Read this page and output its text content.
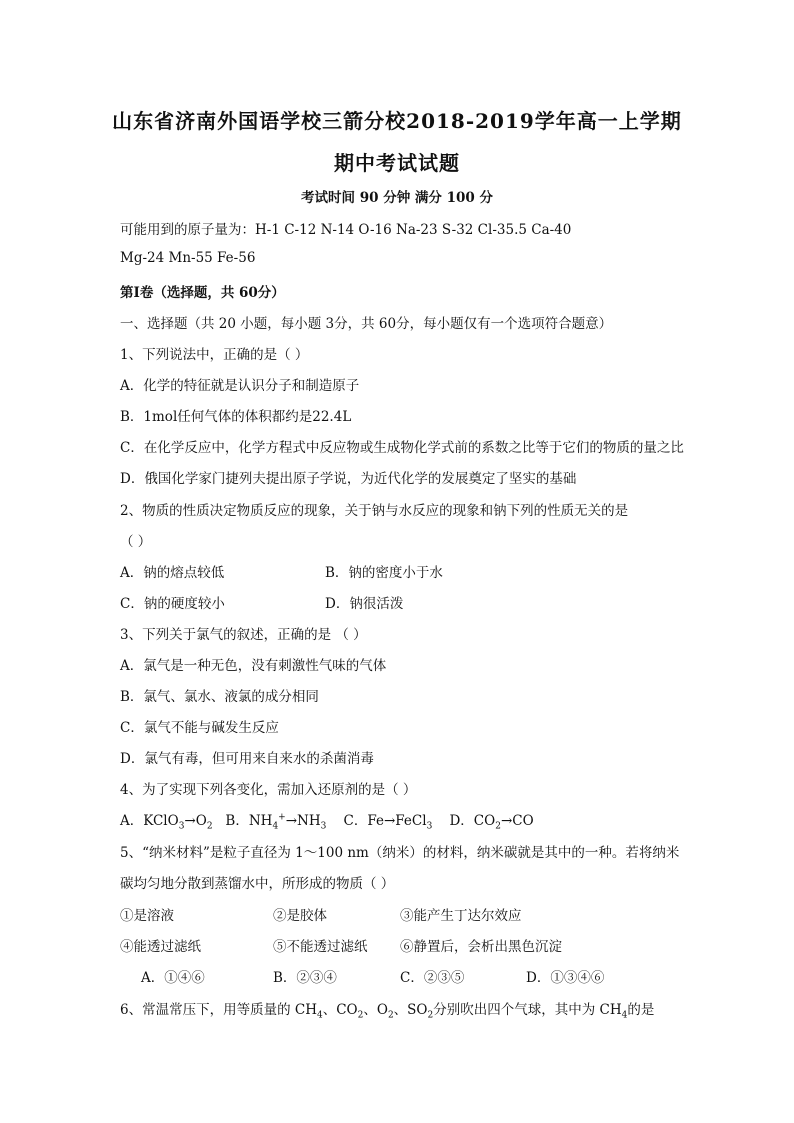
山东省济南外国语学校三箭分校2018-2019学年高一上学期
期中考试试题
考试时间 90 分钟 满分 100 分
可能用到的原子量为：H-1 C-12 N-14 O-16 Na-23 S-32 Cl-35.5 Ca-40
Mg-24 Mn-55 Fe-56
第Ⅰ卷（选择题，共 60分）
一、选择题（共 20 小题，每小题 3分，共 60分，每小题仅有一个选项符合题意）
1、下列说法中，正确的是（ ）
A．化学的特征就是认识分子和制造原子
B．1mol任何气体的体积都约是22.4L
C．在化学反应中，化学方程式中反应物或生成物化学式前的系数之比等于它们的物质的量之比
D．俄国化学家门捷列夫提出原子学说，为近代化学的发展奠定了坚实的基础
2、物质的性质决定物质反应的现象，关于钠与水反应的现象和钠下列的性质无关的是
（ ）
A．钠的熔点较低	B．钠的密度小于水
C．钠的硬度较小	D．钠很活泼
3、下列关于氯气的叙述，正确的是 （ ）
A．氯气是一种无色，没有刺激性气味的气体
B．氯气、氯水、液氯的成分相同
C．氯气不能与碱发生反应
D．氯气有毒，但可用来自来水的杀菌消毒
4、为了实现下列各变化，需加入还原剂的是（ ）
A．$KClO_3\to O_2$ B．$NH_4^+\to NH_3$ C．Fe→FeCl$_3$ D．$CO_2\to CO$
5、“纳米材料”是粒子直径为 1～100 nm（纳米）的材料，纳米碳就是其中的一种。若将纳米
碳均匀地分散到蒸馏水中，所形成的物质（ ）
①是溶液	②是胶体	③能产生丁达尔效应
④能透过滤纸	⑤不能透过滤纸 ⑥静置后，会析出黑色沉淀
A．①④⑥	B．②③④	C．②③⑤	D．①③④⑥
6、常温常压下，用等质量的 $CH_4$、$CO_2$、$O_2$、$SO_2$分别吹出四个气球，其中为 $CH_4$的是
